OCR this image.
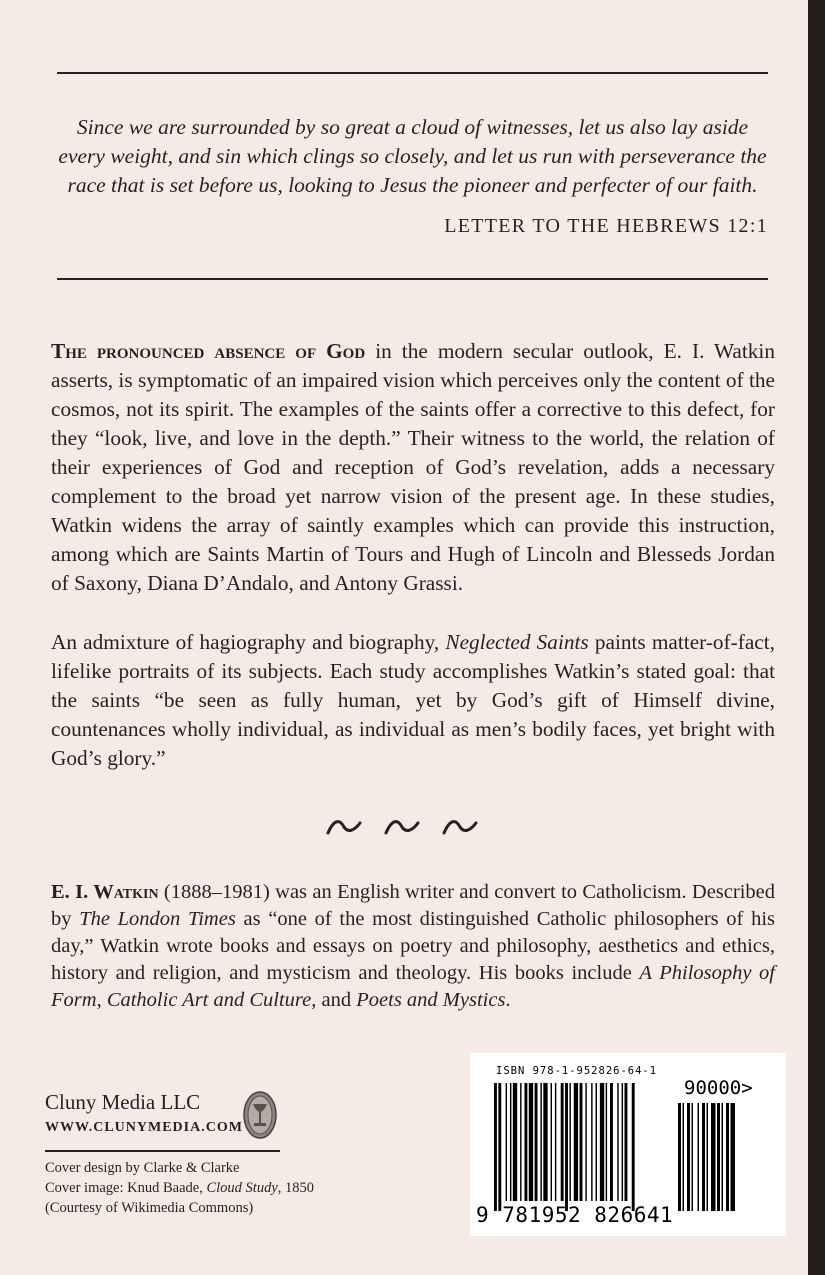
Since we are surrounded by so great a cloud of witnesses, let us also lay aside every weight, and sin which clings so closely, and let us run with perseverance the race that is set before us, looking to Jesus the pioneer and perfecter of our faith.

LETTER TO THE HEBREWS 12:1

The pronounced absence of God in the modern secular outlook, E. I. Watkin asserts, is symptomatic of an impaired vision which perceives only the content of the cosmos, not its spirit. The examples of the saints offer a corrective to this defect, for they “look, live, and love in the depth.” Their witness to the world, the relation of their experiences of God and reception of God’s revelation, adds a necessary complement to the broad yet narrow vision of the present age. In these studies, Watkin widens the array of saintly examples which can provide this instruction, among which are Saints Martin of Tours and Hugh of Lincoln and Blesseds Jordan of Saxony, Diana D’Andalo, and Antony Grassi.

An admixture of hagiography and biography, Neglected Saints paints matter-of-fact, lifelike portraits of its subjects. Each study accomplishes Watkin’s stated goal: that the saints “be seen as fully human, yet by God’s gift of Himself divine, countenances wholly individual, as individual as men’s bodily faces, yet bright with God’s glory.”

E. I. Watkin (1888–1981) was an English writer and convert to Catholicism. Described by The London Times as “one of the most distinguished Catholic philosophers of his day,” Watkin wrote books and essays on poetry and philosophy, aesthetics and ethics, history and religion, and mysticism and theology. His books include A Philosophy of Form, Catholic Art and Culture, and Poets and Mystics.

Cluny Media LLC
WWW.CLUNYMEDIA.COM
Cover design by Clarke & Clarke
Cover image: Knud Baade, Cloud Study, 1850
(Courtesy of Wikimedia Commons)
ISBN 978-1-952826-64-1
90000>
9 781952 826641
